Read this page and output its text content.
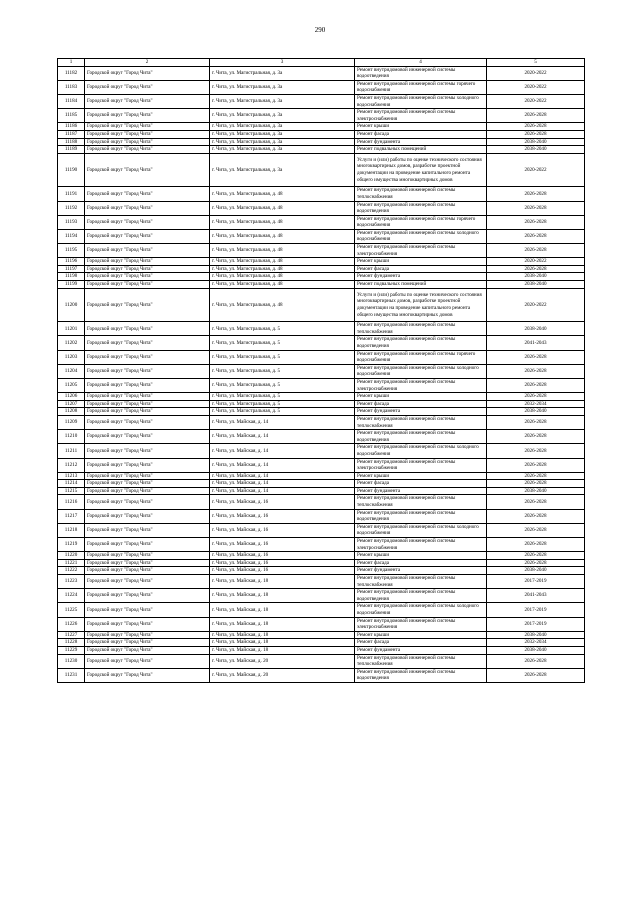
290
1	2	3	4	5
11182	Городской округ "Город Чита"	г. Чита, ул. Магистральная, д. 3а	Ремонт внутридомовой инженерной системы водоотведения	2020-2022
11183	Городской округ "Город Чита"	г. Чита, ул. Магистральная, д. 3а	Ремонт внутридомовой инженерной системы горячего водоснабжения	2020-2022
11184	Городской округ "Город Чита"	г. Чита, ул. Магистральная, д. 3а	Ремонт внутридомовой инженерной системы холодного водоснабжения	2020-2022
11185	Городской округ "Город Чита"	г. Чита, ул. Магистральная, д. 3а	Ремонт внутридомовой инженерной системы электроснабжения	2026-2028
11186	Городской округ "Город Чита"	г. Чита, ул. Магистральная, д. 3а	Ремонт крыши	2026-2028
11187	Городской округ "Город Чита"	г. Чита, ул. Магистральная, д. 3а	Ремонт фасада	2026-2028
11188	Городской округ "Город Чита"	г. Чита, ул. Магистральная, д. 3а	Ремонт фундамента	2038-2040
11189	Городской округ "Город Чита"	г. Чита, ул. Магистральная, д. 3а	Ремонт подвальных помещений	2038-2040
11190	Городской округ "Город Чита"	г. Чита, ул. Магистральная, д. 3а	Услуги и (или) работы по оценке технического состояния многоквартирных домов, разработке проектной документации на проведение капитального ремонта общего имущества многоквартирных домов	2020-2022
11191	Городской округ "Город Чита"	г. Чита, ул. Магистральная, д. 48	Ремонт внутридомовой инженерной системы теплоснабжения	2026-2028
11192	Городской округ "Город Чита"	г. Чита, ул. Магистральная, д. 48	Ремонт внутридомовой инженерной системы водоотведения	2026-2028
11193	Городской округ "Город Чита"	г. Чита, ул. Магистральная, д. 48	Ремонт внутридомовой инженерной системы горячего водоснабжения	2026-2028
11194	Городской округ "Город Чита"	г. Чита, ул. Магистральная, д. 48	Ремонт внутридомовой инженерной системы холодного водоснабжения	2026-2028
11195	Городской округ "Город Чита"	г. Чита, ул. Магистральная, д. 48	Ремонт внутридомовой инженерной системы электроснабжения	2026-2028
11196	Городской округ "Город Чита"	г. Чита, ул. Магистральная, д. 48	Ремонт крыши	2020-2022
11197	Городской округ "Город Чита"	г. Чита, ул. Магистральная, д. 48	Ремонт фасада	2026-2028
11198	Городской округ "Город Чита"	г. Чита, ул. Магистральная, д. 48	Ремонт фундамента	2038-2040
11199	Городской округ "Город Чита"	г. Чита, ул. Магистральная, д. 48	Ремонт подвальных помещений	2038-2040
11200	Городской округ "Город Чита"	г. Чита, ул. Магистральная, д. 48	Услуги и (или) работы по оценке технического состояния многоквартирных домов, разработке проектной документации на проведение капитального ремонта общего имущества многоквартирных домов	2020-2022
11201	Городской округ "Город Чита"	г. Чита, ул. Магистральная, д. 5	Ремонт внутридомовой инженерной системы теплоснабжения	2038-2040
11202	Городской округ "Город Чита"	г. Чита, ул. Магистральная, д. 5	Ремонт внутридомовой инженерной системы водоотведения	2041-2043
11203	Городской округ "Город Чита"	г. Чита, ул. Магистральная, д. 5	Ремонт внутридомовой инженерной системы горячего водоснабжения	2026-2028
11204	Городской округ "Город Чита"	г. Чита, ул. Магистральная, д. 5	Ремонт внутридомовой инженерной системы холодного водоснабжения	2026-2028
11205	Городской округ "Город Чита"	г. Чита, ул. Магистральная, д. 5	Ремонт внутридомовой инженерной системы электроснабжения	2026-2028
11206	Городской округ "Город Чита"	г. Чита, ул. Магистральная, д. 5	Ремонт крыши	2026-2028
11207	Городской округ "Город Чита"	г. Чита, ул. Магистральная, д. 5	Ремонт фасада	2032-2034
11208	Городской округ "Город Чита"	г. Чита, ул. Магистральная, д. 5	Ремонт фундамента	2038-2040
11209	Городской округ "Город Чита"	г. Чита, ул. Майская, д. 14	Ремонт внутридомовой инженерной системы теплоснабжения	2026-2028
11210	Городской округ "Город Чита"	г. Чита, ул. Майская, д. 14	Ремонт внутридомовой инженерной системы водоотведения	2026-2028
11211	Городской округ "Город Чита"	г. Чита, ул. Майская, д. 14	Ремонт внутридомовой инженерной системы холодного водоснабжения	2026-2028
11212	Городской округ "Город Чита"	г. Чита, ул. Майская, д. 14	Ремонт внутридомовой инженерной системы электроснабжения	2026-2028
11213	Городской округ "Город Чита"	г. Чита, ул. Майская, д. 14	Ремонт крыши	2026-2028
11214	Городской округ "Город Чита"	г. Чита, ул. Майская, д. 14	Ремонт фасада	2026-2028
11215	Городской округ "Город Чита"	г. Чита, ул. Майская, д. 14	Ремонт фундамента	2038-2040
11216	Городской округ "Город Чита"	г. Чита, ул. Майская, д. 16	Ремонт внутридомовой инженерной системы теплоснабжения	2026-2028
11217	Городской округ "Город Чита"	г. Чита, ул. Майская, д. 16	Ремонт внутридомовой инженерной системы водоотведения	2026-2028
11218	Городской округ "Город Чита"	г. Чита, ул. Майская, д. 16	Ремонт внутридомовой инженерной системы холодного водоснабжения	2026-2028
11219	Городской округ "Город Чита"	г. Чита, ул. Майская, д. 16	Ремонт внутридомовой инженерной системы электроснабжения	2026-2028
11220	Городской округ "Город Чита"	г. Чита, ул. Майская, д. 16	Ремонт крыши	2026-2028
11221	Городской округ "Город Чита"	г. Чита, ул. Майская, д. 16	Ремонт фасада	2026-2028
11222	Городской округ "Город Чита"	г. Чита, ул. Майская, д. 16	Ремонт фундамента	2038-2040
11223	Городской округ "Город Чита"	г. Чита, ул. Майская, д. 18	Ремонт внутридомовой инженерной системы теплоснабжения	2017-2019
11224	Городской округ "Город Чита"	г. Чита, ул. Майская, д. 18	Ремонт внутридомовой инженерной системы водоотведения	2041-2043
11225	Городской округ "Город Чита"	г. Чита, ул. Майская, д. 18	Ремонт внутридомовой инженерной системы холодного водоснабжения	2017-2019
11226	Городской округ "Город Чита"	г. Чита, ул. Майская, д. 18	Ремонт внутридомовой инженерной системы электроснабжения	2017-2019
11227	Городской округ "Город Чита"	г. Чита, ул. Майская, д. 18	Ремонт крыши	2038-2040
11228	Городской округ "Город Чита"	г. Чита, ул. Майская, д. 18	Ремонт фасада	2032-2034
11229	Городской округ "Город Чита"	г. Чита, ул. Майская, д. 18	Ремонт фундамента	2038-2040
11230	Городской округ "Город Чита"	г. Чита, ул. Майская, д. 20	Ремонт внутридомовой инженерной системы теплоснабжения	2026-2028
11231	Городской округ "Город Чита"	г. Чита, ул. Майская, д. 20	Ремонт внутридомовой инженерной системы водоотведения	2026-2028
